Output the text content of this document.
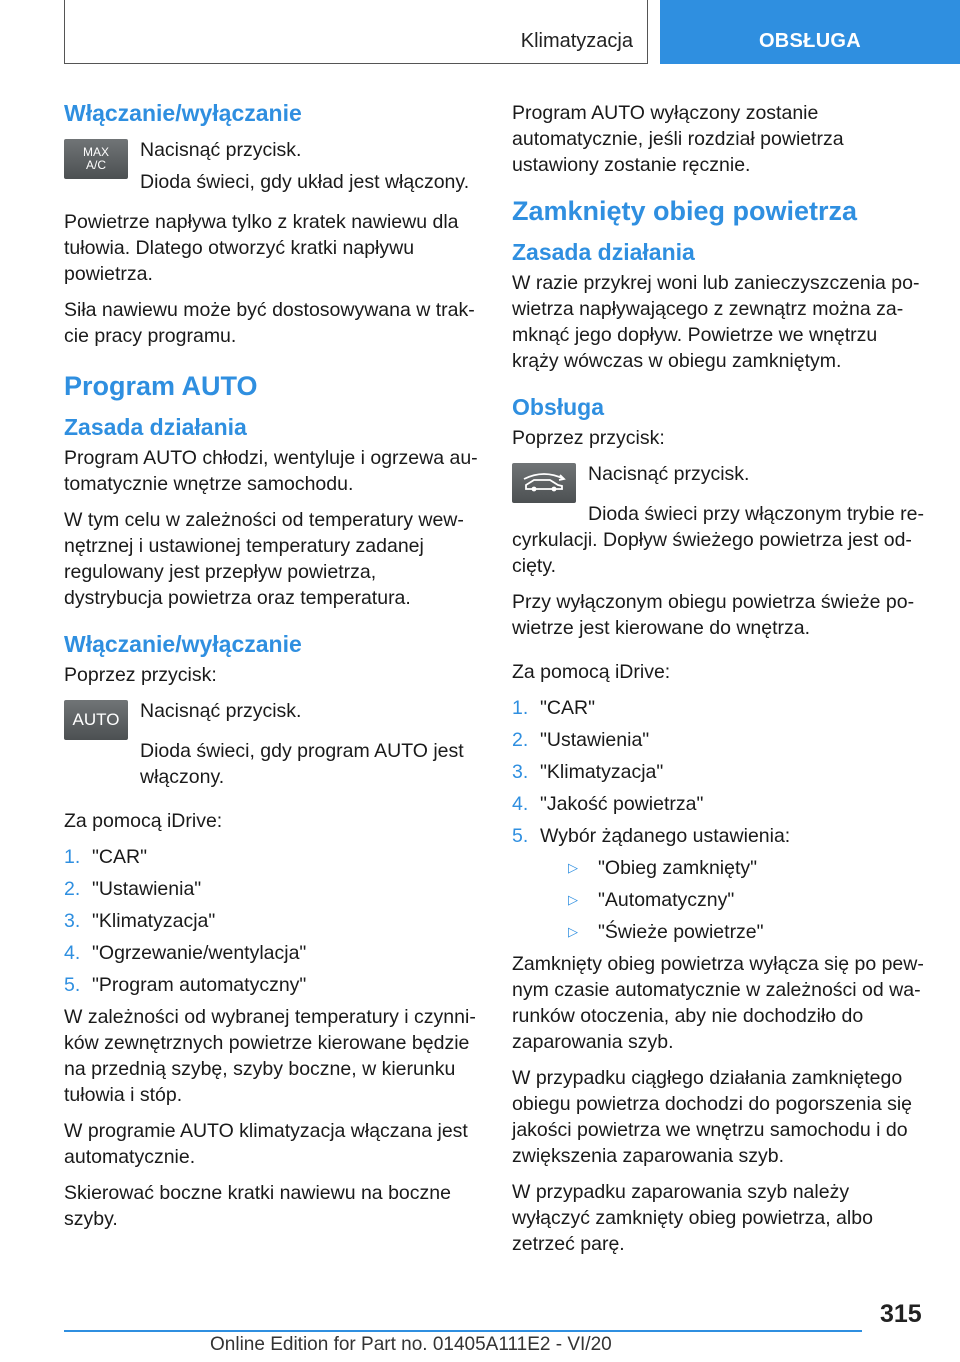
Klimatyzacja	OBSŁUGA
Włączanie/wyłączanie
MAX
A/C

Nacisnąć przycisk.

Dioda świeci, gdy układ jest włączony.

Powietrze napływa tylko z kratek nawiewu dla tułowia. Dlatego otworzyć kratki napływu powietrza.

Siła nawiewu może być dostosowywana w trakcie pracy programu.

Program AUTO
Zasada działania

Program AUTO chłodzi, wentyluje i ogrzewa automatycznie wnętrze samochodu.

W tym celu w zależności od temperatury wewnętrznej i ustawionej temperatury zadanej regulowany jest przepływ powietrza, dystrybucja powietrza oraz temperatura.

Włączanie/wyłączanie

Poprzez przycisk:

AUTO Nacisnąć przycisk.

Dioda świeci, gdy program AUTO jest włączony.

Za pomocą iDrive:

1. "CAR"
2. "Ustawienia"
3. "Klimatyzacja"
4. "Ogrzewanie/wentylacja"
5. "Program automatyczny"

W zależności od wybranej temperatury i czynników zewnętrznych powietrze kierowane będzie na przednią szybę, szyby boczne, w kierunku tułowia i stóp.

W programie AUTO klimatyzacja włączana jest automatycznie.

Skierować boczne kratki nawiewu na boczne szyby.

Program AUTO wyłączony zostanie automatycznie, jeśli rozdział powietrza ustawiony zostanie ręcznie.

Zamknięty obieg powietrza
Zasada działania

W razie przykrej woni lub zanieczyszczenia powietrza napływającego z zewnątrz można zamknąć jego dopływ. Powietrze we wnętrzu krąży wówczas w obiegu zamkniętym.

Obsługa

Poprzez przycisk:

Nacisnąć przycisk.

Dioda świeci przy włączonym trybie recyrkulacji. Dopływ świeżego powietrza jest odcięty.

Przy wyłączonym obiegu powietrza świeże powietrze jest kierowane do wnętrza.

Za pomocą iDrive:

1. "CAR"
2. "Ustawienia"
3. "Klimatyzacja"
4. "Jakość powietrza"
5. Wybór żądanego ustawienia:
▷	"Obieg zamknięty"
▷	"Automatyczny"
▷	"Świeże powietrze"

Zamknięty obieg powietrza wyłącza się po pewnym czasie automatycznie w zależności od warunków otoczenia, aby nie dochodziło do zaparowania szyb.

W przypadku ciągłego działania zamkniętego obiegu powietrza dochodzi do pogorszenia się jakości powietrza we wnętrzu samochodu i do zwiększenia zaparowania szyb.

W przypadku zaparowania szyb należy wyłączyć zamknięty obieg powietrza, albo zetrzeć parę.

315
Online Edition for Part no. 01405A111E2 - VI/20
